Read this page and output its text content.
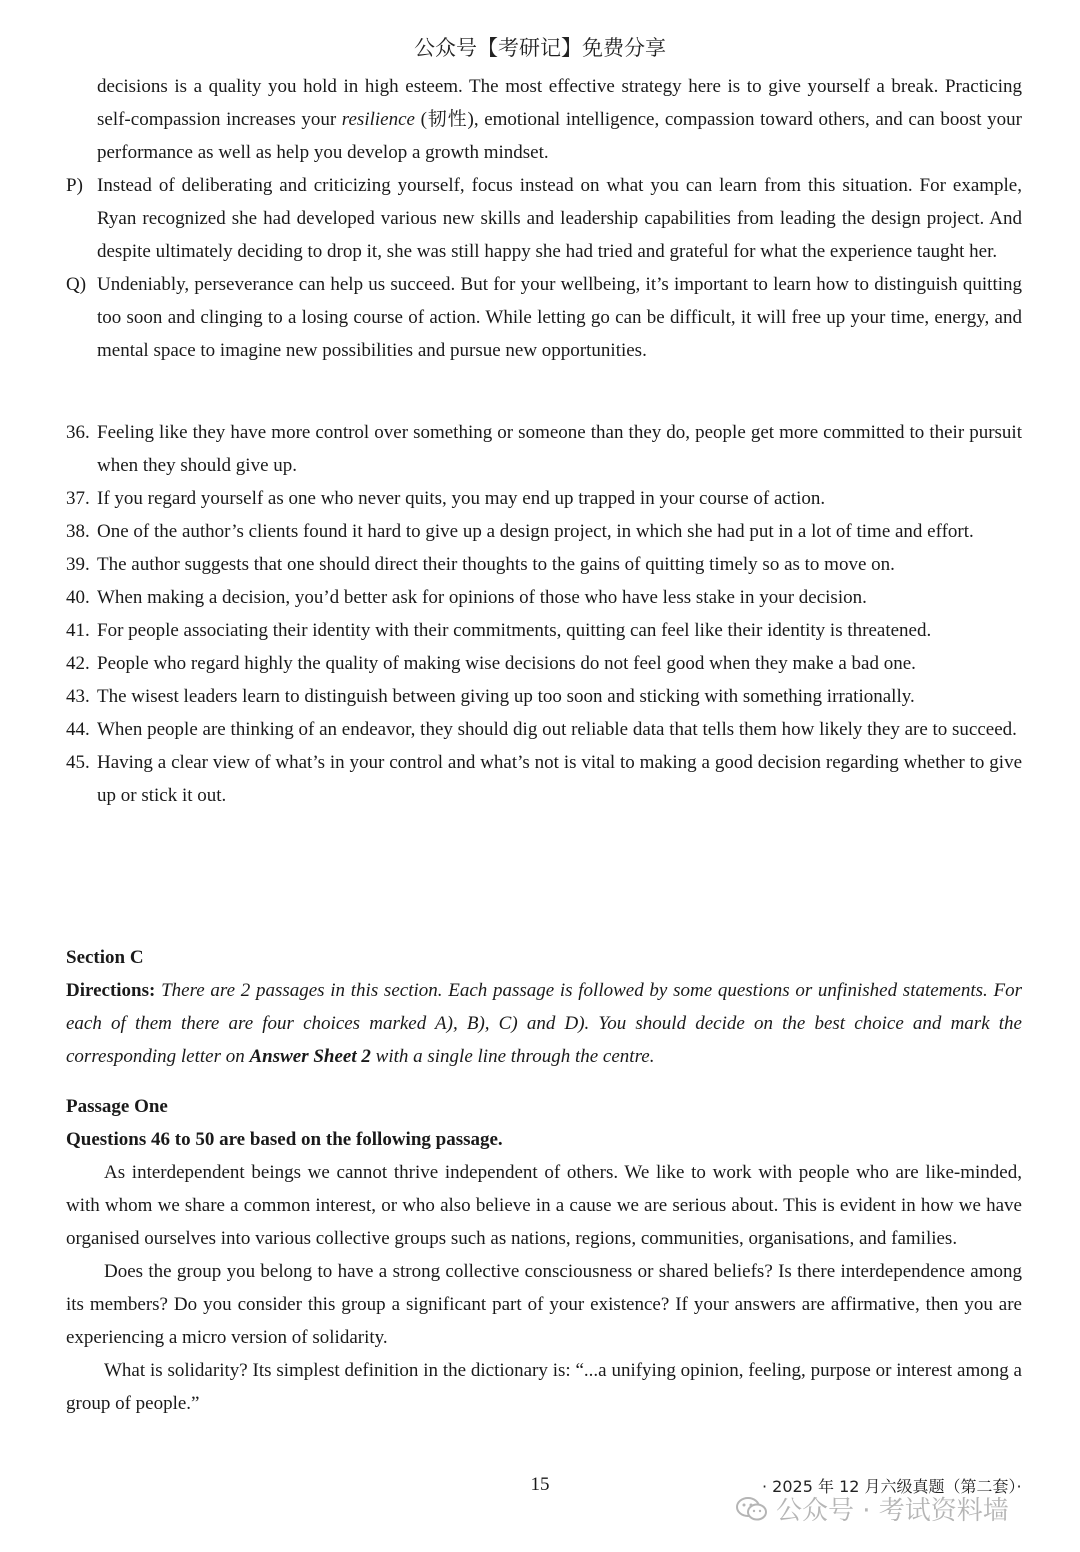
公众号【考研记】免费分享
decisions is a quality you hold in high esteem. The most effective strategy here is to give yourself a break. Practicing self-compassion increases your resilience (韧性), emotional intelligence, compassion toward others, and can boost your performance as well as help you develop a growth mindset.
P) Instead of deliberating and criticizing yourself, focus instead on what you can learn from this situation. For example, Ryan recognized she had developed various new skills and leadership capabilities from leading the design project. And despite ultimately deciding to drop it, she was still happy she had tried and grateful for what the experience taught her.
Q) Undeniably, perseverance can help us succeed. But for your wellbeing, it’s important to learn how to distinguish quitting too soon and clinging to a losing course of action. While letting go can be difficult, it will free up your time, energy, and mental space to imagine new possibilities and pursue new opportunities.
36. Feeling like they have more control over something or someone than they do, people get more committed to their pursuit when they should give up.
37. If you regard yourself as one who never quits, you may end up trapped in your course of action.
38. One of the author’s clients found it hard to give up a design project, in which she had put in a lot of time and effort.
39. The author suggests that one should direct their thoughts to the gains of quitting timely so as to move on.
40. When making a decision, you’d better ask for opinions of those who have less stake in your decision.
41. For people associating their identity with their commitments, quitting can feel like their identity is threatened.
42. People who regard highly the quality of making wise decisions do not feel good when they make a bad one.
43. The wisest leaders learn to distinguish between giving up too soon and sticking with something irrationally.
44. When people are thinking of an endeavor, they should dig out reliable data that tells them how likely they are to succeed.
45. Having a clear view of what’s in your control and what’s not is vital to making a good decision regarding whether to give up or stick it out.
Section C
Directions: There are 2 passages in this section. Each passage is followed by some questions or unfinished statements. For each of them there are four choices marked A), B), C) and D). You should decide on the best choice and mark the corresponding letter on Answer Sheet 2 with a single line through the centre.
Passage One
Questions 46 to 50 are based on the following passage.
As interdependent beings we cannot thrive independent of others. We like to work with people who are like-minded, with whom we share a common interest, or who also believe in a cause we are serious about. This is evident in how we have organised ourselves into various collective groups such as nations, regions, communities, organisations, and families.
Does the group you belong to have a strong collective consciousness or shared beliefs? Is there interdependence among its members? Do you consider this group a significant part of your existence? If your answers are affirmative, then you are experiencing a micro version of solidarity.
What is solidarity? Its simplest definition in the dictionary is: “...a unifying opinion, feeling, purpose or interest among a group of people.”
15	· 2025 年 12 月六级真题（第二套）·
公众号 · 考试资料墙
